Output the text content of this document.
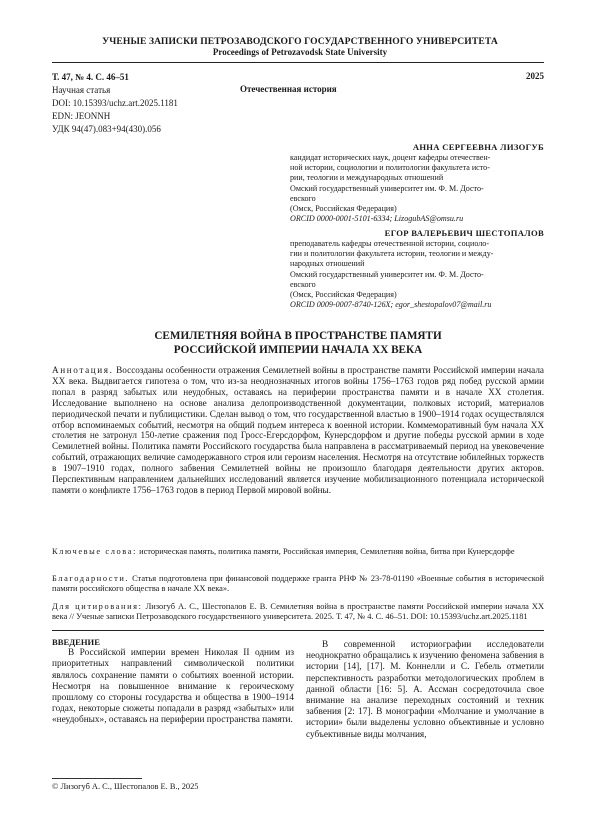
УЧЕНЫЕ ЗАПИСКИ ПЕТРОЗАВОДСКОГО ГОСУДАРСТВЕННОГО УНИВЕРСИТЕТА
Proceedings of Petrozavodsk State University
Т. 47, № 4. С. 46–51
Научная статья
DOI: 10.15393/uchz.art.2025.1181
EDN: JEONNH
УДК 94(47).083+94(430).056
Отечественная история
2025
АННА СЕРГЕЕВНА ЛИЗОГУБ
кандидат исторических наук, доцент кафедры отечествен-
ной истории, социологии и политологии факультета исто-
рии, теологии и международных отношений
Омский государственный университет им. Ф. М. Досто-
евского
(Омск, Российская Федерация)
ORCID 0000-0001-5101-6334; LizogubAS@omsu.ru
ЕГОР ВАЛЕРЬЕВИЧ ШЕСТОПАЛОВ
преподаватель кафедры отечественной истории, социоло-
гии и политологии факультета истории, теологии и между-
народных отношений
Омский государственный университет им. Ф. М. Досто-
евского
(Омск, Российская Федерация)
ORCID 0009-0007-8740-126X; egor_shestopalov07@mail.ru
СЕМИЛЕТНЯЯ ВОЙНА В ПРОСТРАНСТВЕ ПАМЯТИ
РОССИЙСКОЙ ИМПЕРИИ НАЧАЛА XX ВЕКА
Аннотация. Воссозданы особенности отражения Семилетней войны в пространстве памяти Российской империи начала XX века. Выдвигается гипотеза о том, что из-за неоднозначных итогов войны 1756–1763 годов ряд побед русской армии попал в разряд забытых или неудобных, оставаясь на периферии пространства памяти и в начале XX столетия. Исследование выполнено на основе анализа делопроизводственной документации, полковых историй, материалов периодической печати и публицистики. Сделан вывод о том, что государственной властью в 1900–1914 годах осуществлялся отбор вспоминаемых событий, несмотря на общий подъем интереса к военной истории. Коммеморативный бум начала XX столетия не затронул 150-летие сражения под Гросс-Егерсдорфом, Кунерсдорфом и другие победы русской армии в ходе Семилетней войны. Политика памяти Российского государства была направлена в рассматриваемый период на увековечение событий, отражающих величие самодержавного строя или героизм населения. Несмотря на отсутствие юбилейных торжеств в 1907–1910 годах, полного забвения Семилетней войны не произошло благодаря деятельности других акторов. Перспективным направлением дальнейших исследований является изучение мобилизационного потенциала исторической памяти о конфликте 1756–1763 годов в период Первой мировой войны.
Ключевые слова: историческая память, политика памяти, Российская империя, Семилетняя война, битва при Кунерсдорфе
Благодарности. Статья подготовлена при финансовой поддержке гранта РНФ № 23-78-01190 «Военные события в исторической памяти российского общества в начале XX века».
Для цитирования: Лизогуб А. С., Шестопалов Е. В. Семилетняя война в пространстве памяти Российской империи начала XX века // Ученые записки Петрозаводского государственного университета. 2025. Т. 47, № 4. С. 46–51. DOI: 10.15393/uchz.art.2025.1181
ВВЕДЕНИЕ

В Российской империи времен Николая II одним из приоритетных направлений символической политики являлось сохранение памяти о событиях военной истории. Несмотря на повышенное внимание к героическому прошлому со стороны государства и общества в 1900–1914 годах, некоторые сюжеты попадали в разряд «забытых» или «неудобных», оставаясь на периферии пространства памяти.

В современной историографии исследователи неоднократно обращались к изучению феномена забвения в истории [14], [17]. М. Коннелли и С. Гебель отметили перспективность разработки методологических проблем в данной области [16: 5]. А. Ассман сосредоточила свое внимание на анализе переходных состояний и техник забвения [2: 17]. В монографии «Молчание и умолчание в истории» были выделены условно объективные и условно субъективные виды молчания,

© Лизогуб А. С., Шестопалов Е. В., 2025
